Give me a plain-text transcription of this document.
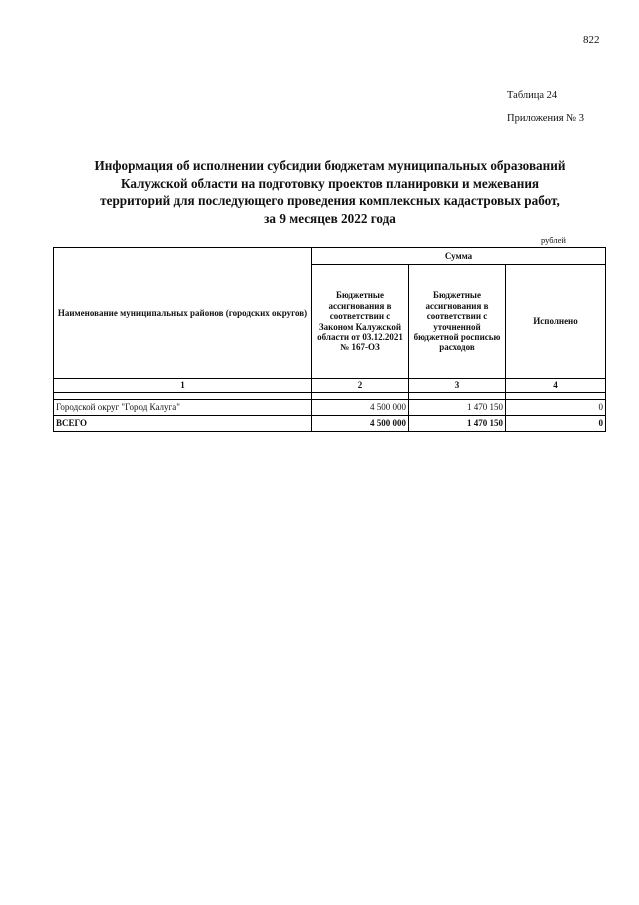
822
Таблица 24
Приложения № 3
Информация об исполнении субсидии бюджетам муниципальных образований
Калужской области на подготовку проектов планировки и межевания
территорий для последующего проведения комплексных кадастровых работ,
за 9 месяцев 2022 года
рублей
Наименование муниципальных районов (городских округов)	Сумма		
	Бюджетные ассигнования в соответствии с Законом Калужской области от 03.12.2021 № 167-ОЗ	Бюджетные ассигнования в соответствии с уточненной бюджетной росписью расходов	Исполнено
1	2	3	4

Городской округ "Город Калуга"	4 500 000	1 470 150	0
ВСЕГО	4 500 000	1 470 150	0
